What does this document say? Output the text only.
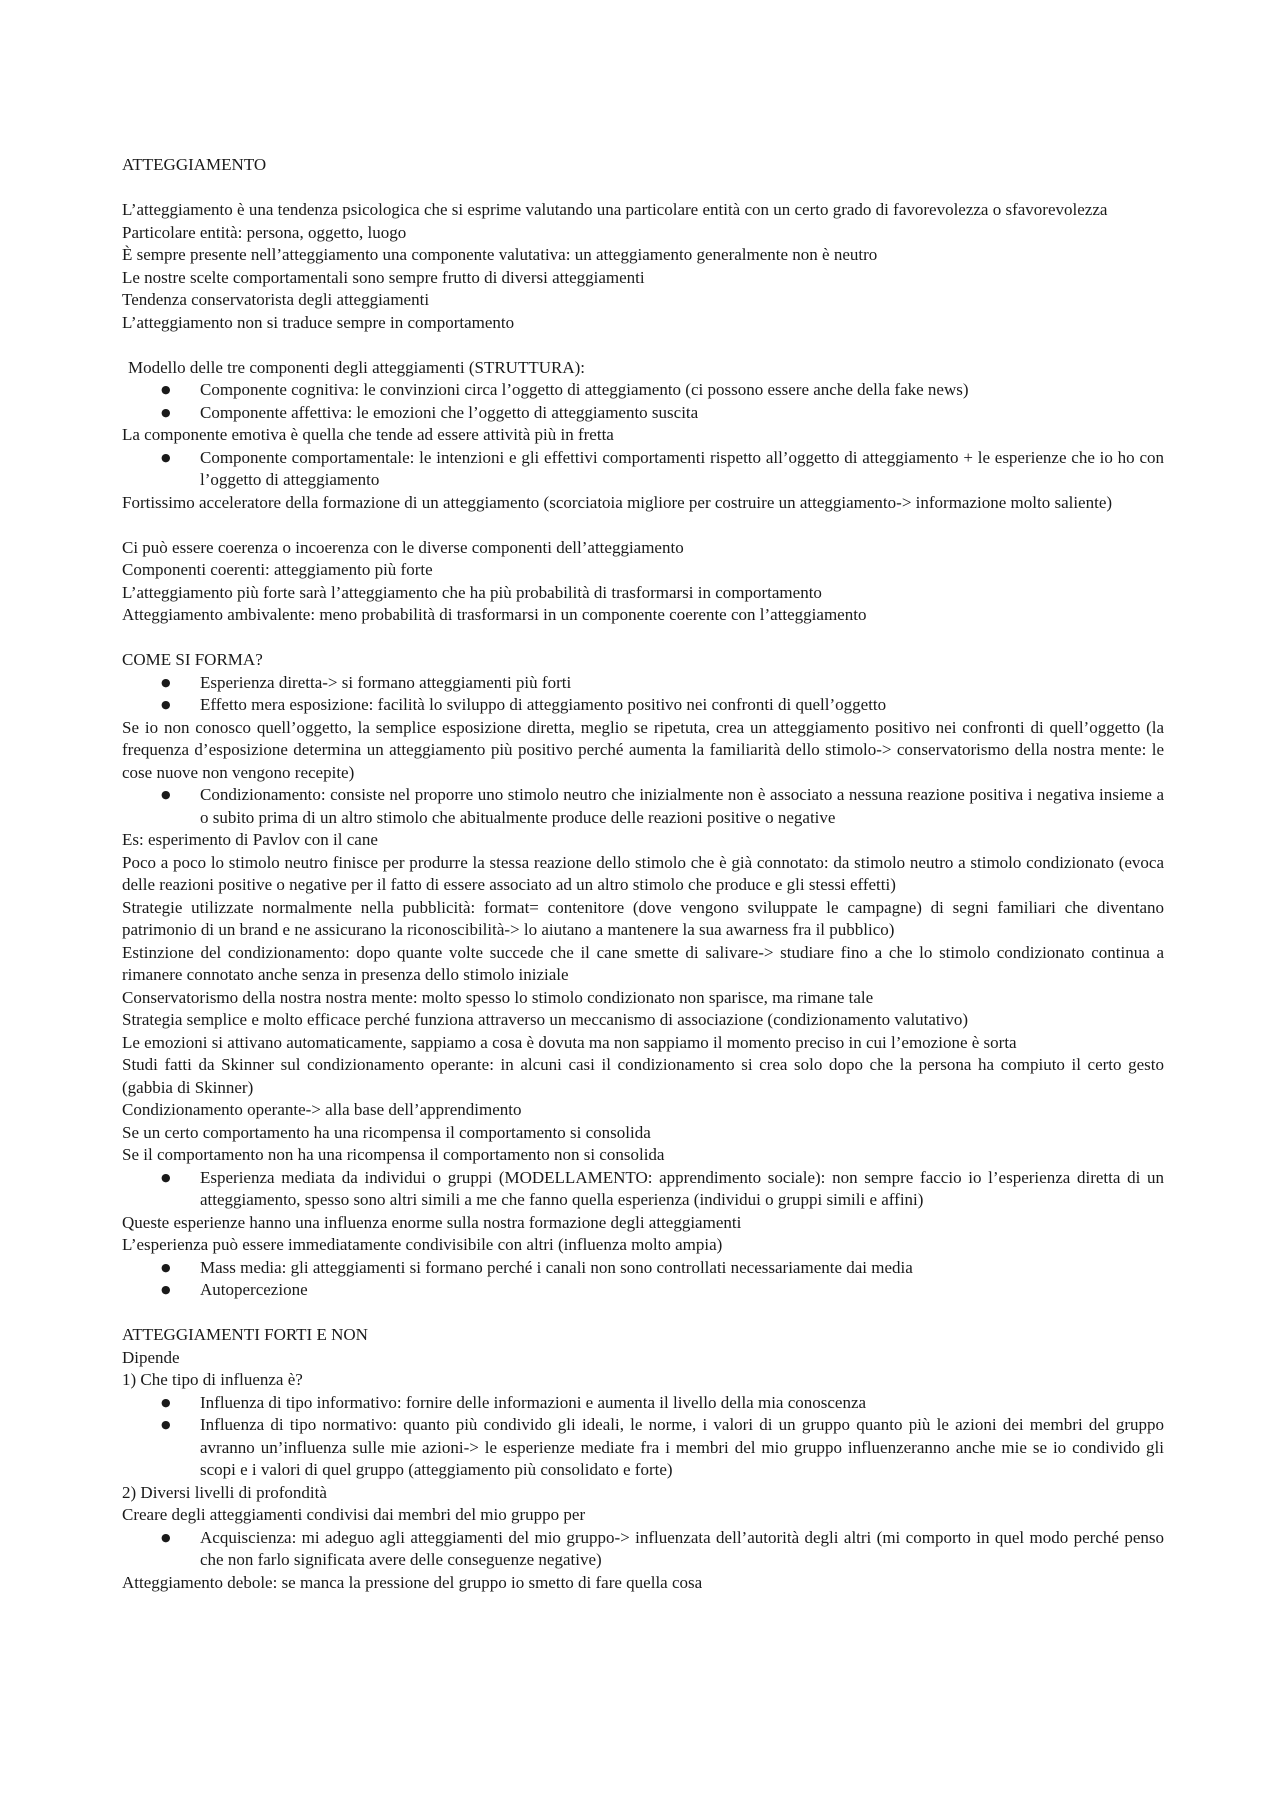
ATTEGGIAMENTO

L’atteggiamento è una tendenza psicologica che si esprime valutando una particolare entità con un certo grado di favorevolezza o sfavorevolezza

Particolare entità: persona, oggetto, luogo

È sempre presente nell’atteggiamento una componente valutativa: un atteggiamento generalmente non è neutro

Le nostre scelte comportamentali sono sempre frutto di diversi atteggiamenti

Tendenza conservatorista degli atteggiamenti

L’atteggiamento non si traduce sempre in comportamento

Modello delle tre componenti degli atteggiamenti (STRUTTURA):

● Componente cognitiva: le convinzioni circa l’oggetto di atteggiamento (ci possono essere anche della fake news)
● Componente affettiva: le emozioni che l’oggetto di atteggiamento suscita

La componente emotiva è quella che tende ad essere attività più in fretta

● Componente comportamentale: le intenzioni e gli effettivi comportamenti rispetto all’oggetto di atteggiamento + le esperienze che io ho con l’oggetto di atteggiamento

Fortissimo acceleratore della formazione di un atteggiamento (scorciatoia migliore per costruire un atteggiamento-> informazione molto saliente)

Ci può essere coerenza o incoerenza con le diverse componenti dell’atteggiamento

Componenti coerenti: atteggiamento più forte

L’atteggiamento più forte sarà l’atteggiamento che ha più probabilità di trasformarsi in comportamento

Atteggiamento ambivalente: meno probabilità di trasformarsi in un componente coerente con l’atteggiamento

COME SI FORMA?

● Esperienza diretta-> si formano atteggiamenti più forti
● Effetto mera esposizione: facilità lo sviluppo di atteggiamento positivo nei confronti di quell’oggetto

Se io non conosco quell’oggetto, la semplice esposizione diretta, meglio se ripetuta, crea un atteggiamento positivo nei confronti di quell’oggetto (la frequenza d’esposizione determina un atteggiamento più positivo perché aumenta la familiarità dello stimolo-> conservatorismo della nostra mente: le cose nuove non vengono recepite)

● Condizionamento: consiste nel proporre uno stimolo neutro che inizialmente non è associato a nessuna reazione positiva i negativa insieme a o subito prima di un altro stimolo che abitualmente produce delle reazioni positive o negative

Es: esperimento di Pavlov con il cane

Poco a poco lo stimolo neutro finisce per produrre la stessa reazione dello stimolo che è già connotato: da stimolo neutro a stimolo condizionato (evoca delle reazioni positive o negative per il fatto di essere associato ad un altro stimolo che produce e gli stessi effetti)

Strategie utilizzate normalmente nella pubblicità: format= contenitore (dove vengono sviluppate le campagne) di segni familiari che diventano patrimonio di un brand e ne assicurano la riconoscibilità-> lo aiutano a mantenere la sua awarness fra il pubblico)

Estinzione del condizionamento: dopo quante volte succede che il cane smette di salivare-> studiare fino a che lo stimolo condizionato continua a rimanere connotato anche senza in presenza dello stimolo iniziale

Conservatorismo della nostra nostra mente: molto spesso lo stimolo condizionato non sparisce, ma rimane tale

Strategia semplice e molto efficace perché funziona attraverso un meccanismo di associazione (condizionamento valutativo)

Le emozioni si attivano automaticamente, sappiamo a cosa è dovuta ma non sappiamo il momento preciso in cui l’emozione è sorta

Studi fatti da Skinner sul condizionamento operante: in alcuni casi il condizionamento si crea solo dopo che la persona ha compiuto il certo gesto (gabbia di Skinner)

Condizionamento operante-> alla base dell’apprendimento

Se un certo comportamento ha una ricompensa il comportamento si consolida

Se il comportamento non ha una ricompensa il comportamento non si consolida

● Esperienza mediata da individui o gruppi (MODELLAMENTO: apprendimento sociale): non sempre faccio io l’esperienza diretta di un atteggiamento, spesso sono altri simili a me che fanno quella esperienza (individui o gruppi simili e affini)

Queste esperienze hanno una influenza enorme sulla nostra formazione degli atteggiamenti

L’esperienza può essere immediatamente condivisibile con altri (influenza molto ampia)

● Mass media: gli atteggiamenti si formano perché i canali non sono controllati necessariamente dai media
● Autopercezione

ATTEGGIAMENTI FORTI E NON

Dipende

1) Che tipo di influenza è?

● Influenza di tipo informativo: fornire delle informazioni e aumenta il livello della mia conoscenza
● Influenza di tipo normativo: quanto più condivido gli ideali, le norme, i valori di un gruppo quanto più le azioni dei membri del gruppo avranno un’influenza sulle mie azioni-> le esperienze mediate fra i membri del mio gruppo influenzeranno anche mie se io condivido gli scopi e i valori di quel gruppo (atteggiamento più consolidato e forte)

2) Diversi livelli di profondità

Creare degli atteggiamenti condivisi dai membri del mio gruppo per

● Acquiscienza: mi adeguo agli atteggiamenti del mio gruppo-> influenzata dell’autorità degli altri (mi comporto in quel modo perché penso che non farlo significata avere delle conseguenze negative)

Atteggiamento debole: se manca la pressione del gruppo io smetto di fare quella cosa
